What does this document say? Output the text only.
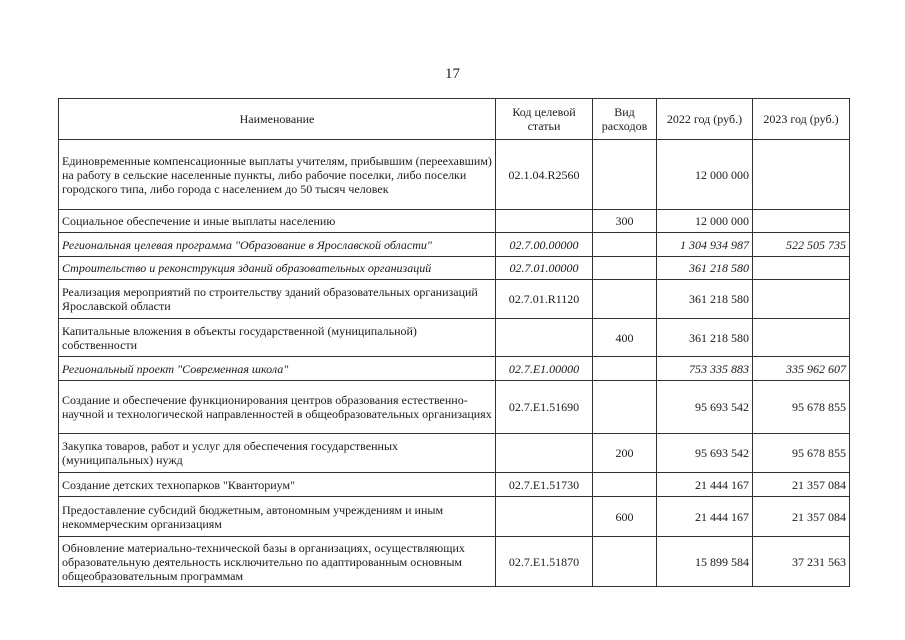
17
Наименование	Код целевой статьи	Вид расходов	2022 год (руб.)	2023 год (руб.)
Единовременные компенсационные выплаты учителям, прибывшим (переехавшим) на работу в сельские населенные пункты, либо рабочие поселки, либо поселки городского типа, либо города с населением до 50 тысяч человек	02.1.04.R2560		12 000 000	
Социальное обеспечение и иные выплаты населению		300	12 000 000	
Региональная целевая программа "Образование в Ярославской области"	02.7.00.00000		1 304 934 987	522 505 735
Строительство и реконструкция зданий образовательных организаций	02.7.01.00000		361 218 580	
Реализация мероприятий по строительству зданий образовательных организаций Ярославской области	02.7.01.R1120		361 218 580	
Капитальные вложения в объекты государственной (муниципальной) собственности		400	361 218 580	
Региональный проект "Современная школа"	02.7.E1.00000		753 335 883	335 962 607
Создание и обеспечение функционирования центров образования естественно-научной и технологической направленностей в общеобразовательных организациях	02.7.E1.51690		95 693 542	95 678 855
Закупка товаров, работ и услуг для обеспечения государственных (муниципальных) нужд		200	95 693 542	95 678 855
Создание детских технопарков "Кванториум"	02.7.E1.51730		21 444 167	21 357 084
Предоставление субсидий бюджетным, автономным учреждениям и иным некоммерческим организациям		600	21 444 167	21 357 084
Обновление материально-технической базы в организациях, осуществляющих образовательную деятельность исключительно по адаптированным основным общеобразовательным программам	02.7.E1.51870		15 899 584	37 231 563
